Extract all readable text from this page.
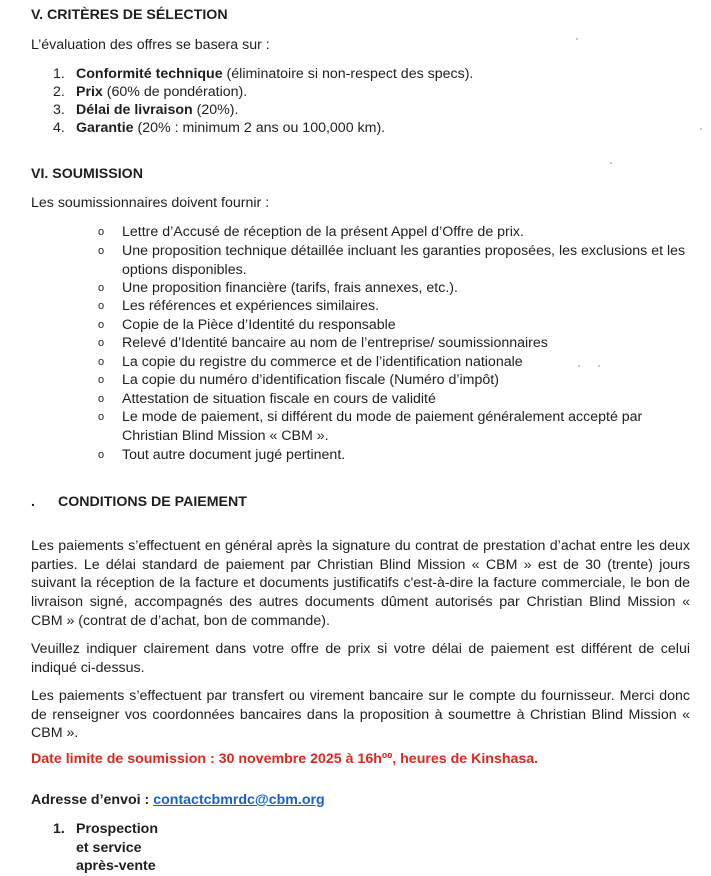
V. CRITÈRES DE SÉLECTION

L’évaluation des offres se basera sur :

1. Conformité technique (éliminatoire si non-respect des specs).
2. Prix (60% de pondération).
3. Délai de livraison (20%).
4. Garantie (20% : minimum 2 ans ou 100,000 km).
VI. SOUMISSION

Les soumissionnaires doivent fournir :

o Lettre d’Accusé de réception de la présent Appel d’Offre de prix.
o Une proposition technique détaillée incluant les garanties proposées, les exclusions et les options disponibles.
o Une proposition financière (tarifs, frais annexes, etc.).
o Les références et expériences similaires.
o Copie de la Pièce d’Identité du responsable
o Relevé d’Identité bancaire au nom de l’entreprise/ soumissionnaires
o La copie du registre du commerce et de l’identification nationale
o La copie du numéro d’identification fiscale (Numéro d’impôt)
o Attestation de situation fiscale en cours de validité
o Le mode de paiement, si différent du mode de paiement généralement accepté par Christian Blind Mission « CBM ».
o Tout autre document jugé pertinent.
. CONDITIONS DE PAIEMENT

Les paiements s’effectuent en général après la signature du contrat de prestation d’achat entre les deux parties. Le délai standard de paiement par Christian Blind Mission « CBM » est de 30 (trente) jours suivant la réception de la facture et documents justificatifs c'est-à-dire la facture commerciale, le bon de livraison signé, accompagnés des autres documents dûment autorisés par Christian Blind Mission « CBM » (contrat de d’achat, bon de commande).

Veuillez indiquer clairement dans votre offre de prix si votre délai de paiement est différent de celui indiqué ci-dessus.

Les paiements s’effectuent par transfert ou virement bancaire sur le compte du fournisseur. Merci donc de renseigner vos coordonnées bancaires dans la proposition à soumettre à Christian Blind Mission « CBM ».

Date limite de soumission : 30 novembre 2025 à 16hºº, heures de Kinshasa.

Adresse d’envoi : contactcbmrdc@cbm.org

1. Prospection et service après-vente
